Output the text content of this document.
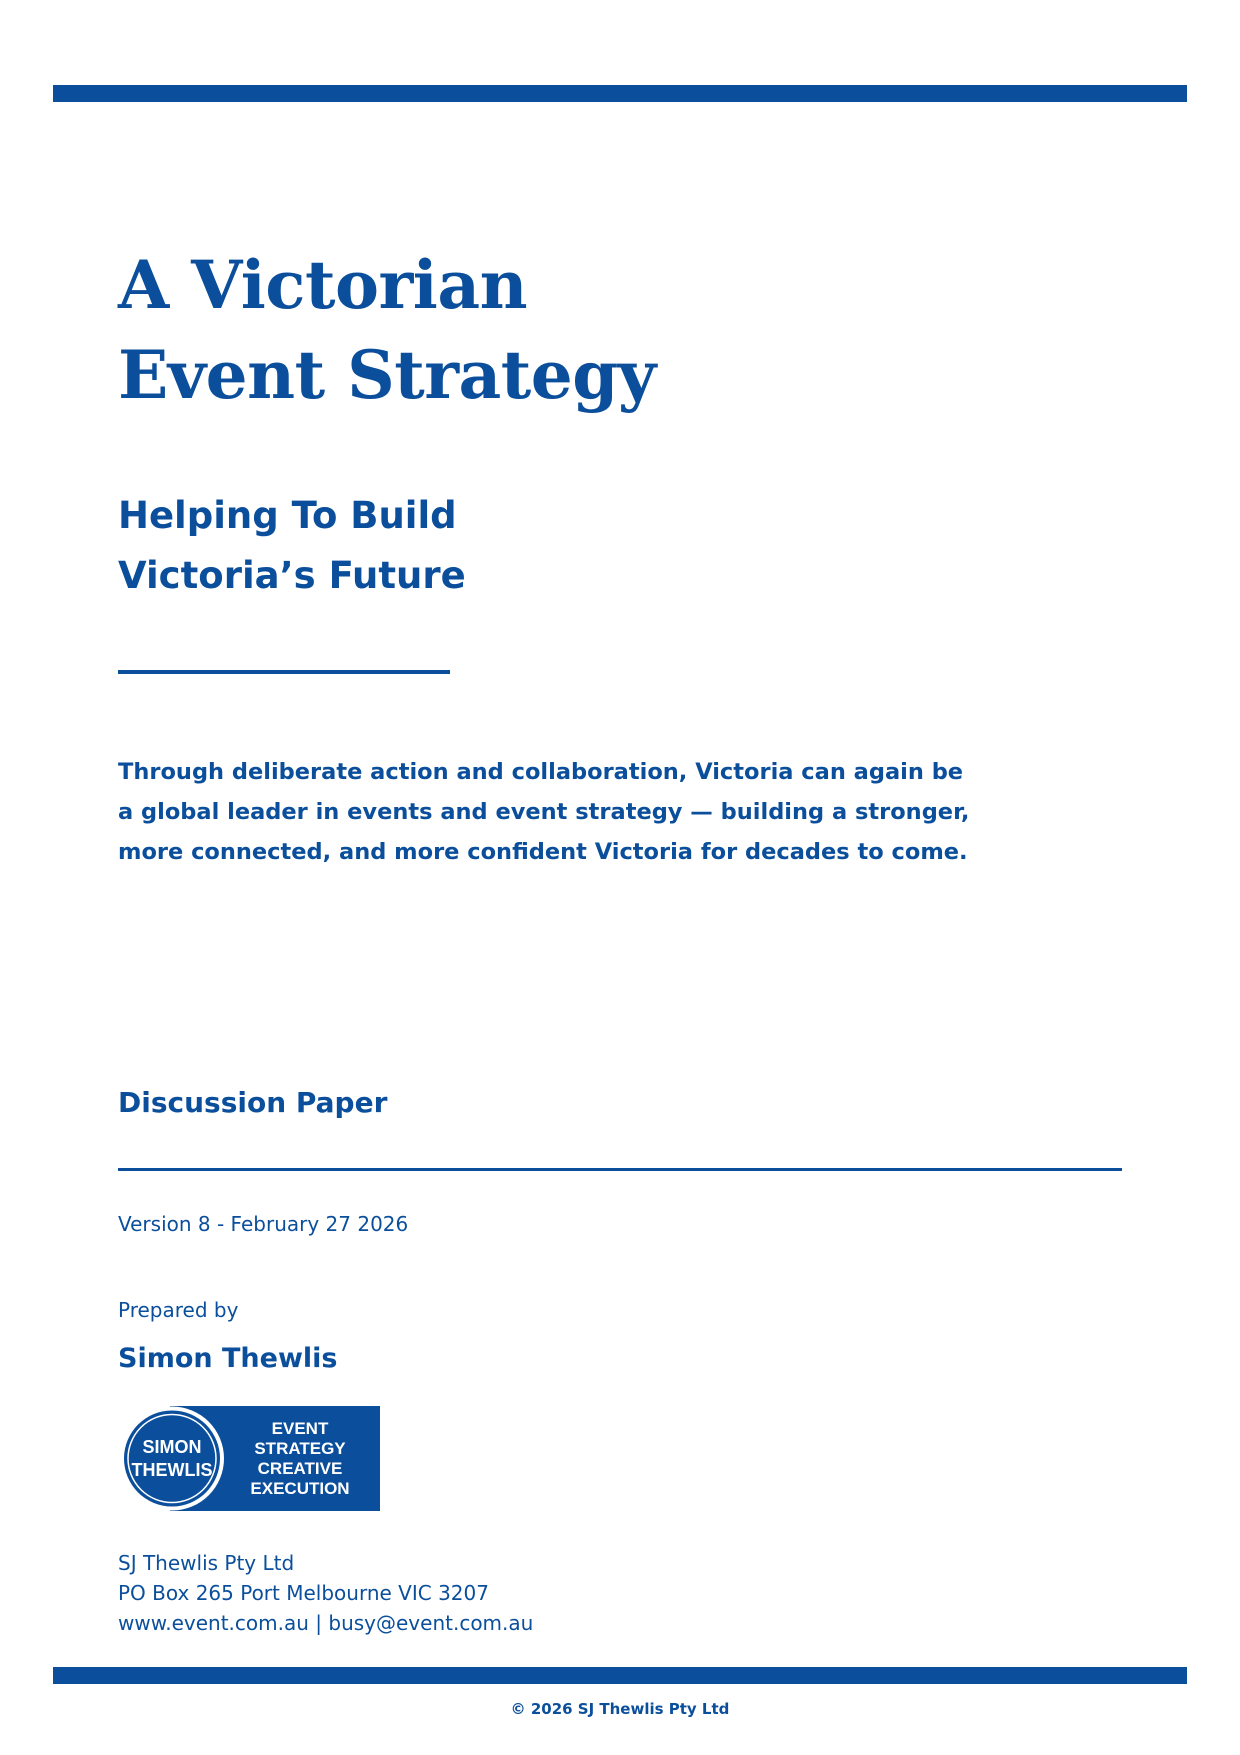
A Victorian
Event Strategy
Helping To Build
Victoria’s Future

Through deliberate action and collaboration, Victoria can again be
a global leader in events and event strategy — building a stronger,
more connected, and more confident Victoria for decades to come.

Discussion Paper

Version 8 - February 27 2026

Prepared by

Simon Thewlis

SIMON
THEWLIS
EVENT
STRATEGY
CREATIVE
EXECUTION

SJ Thewlis Pty Ltd
PO Box 265 Port Melbourne VIC 3207
www.event.com.au | busy@event.com.au

© 2026 SJ Thewlis Pty Ltd
